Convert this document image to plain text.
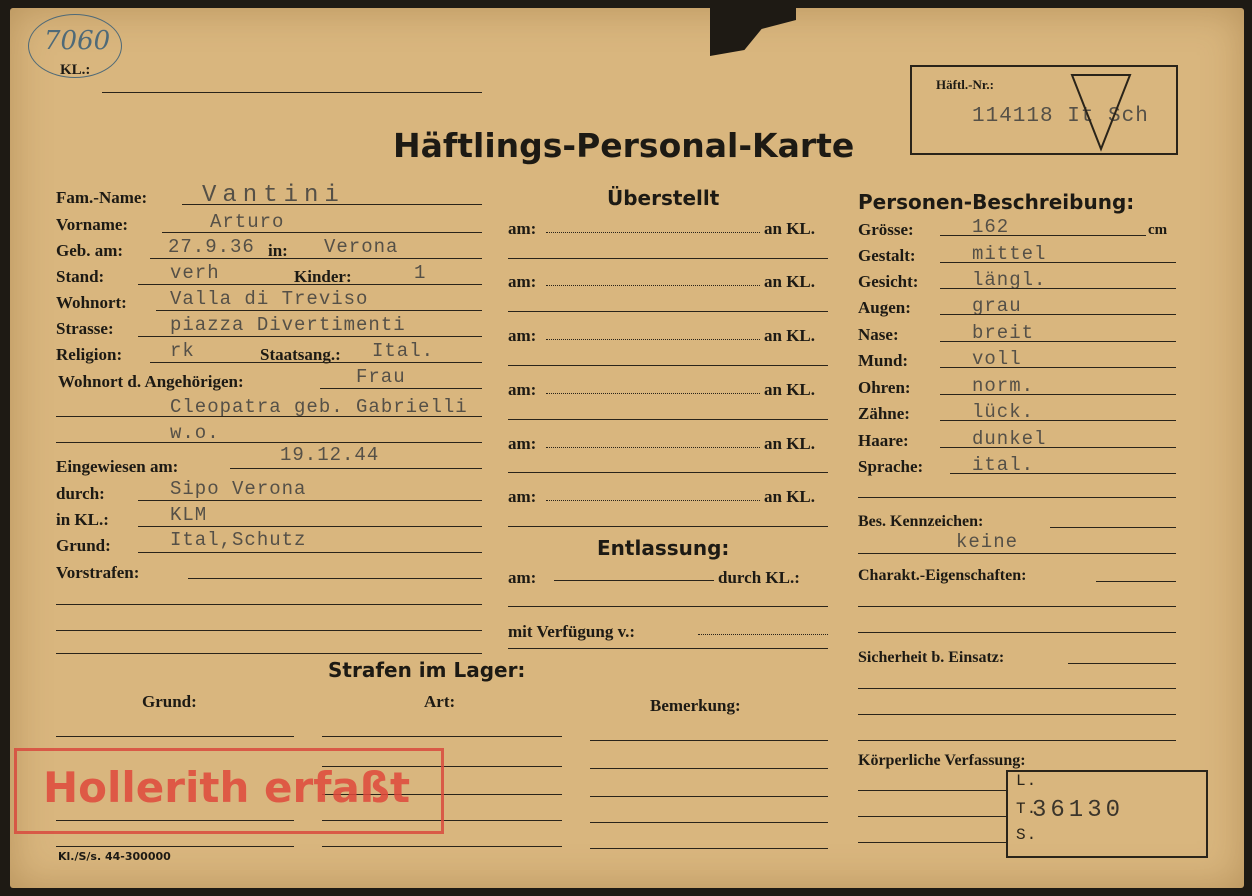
7060
KL.:
Häftl.-Nr.:
114118 It Sch
Häftlings-Personal-Karte
Fam.-Name: Vantini
Vorname:	Arturo
Geb. am: 27.9.36 in: Verona
Stand:	verh	Kinder:	1
Wohnort: Valla di Treviso
Strasse:	piazza Divertimenti
Religion:	rk	Staatsang.: Ital.
Wohnort d. Angehörigen:	Frau
Cleopatra geb. Gabrielli
w.o.
Eingewiesen am:
19.12.44
durch:	Sipo Verona
in KL.:	KLM
Grund:	Ital,Schutz
Vorstrafen:
Überstellt
am:	an KL.
am:	an KL.
am:	an KL.
am:	an KL.
am:	an KL.
am:	an KL.
Entlassung:
am:	durch KL.:
mit Verfügung v.:
Personen-Beschreibung:
Grösse:	162	cm
Gestalt:	mittel
Gesicht:	längl.
Augen:	grau
Nase:	breit
Mund:	voll
Ohren:	norm.
Zähne:	lück.
Haare:	dunkel
Sprache:	ital.
Bes. Kennzeichen:
keine
Charakt.-Eigenschaften:
Sicherheit b. Einsatz:
Körperliche Verfassung:
L.
T.
36130
S.
Strafen im Lager:
Grund:	Art:	Bemerkung:
Hollerith erfaßt
Kl./S/s. 44-300000
